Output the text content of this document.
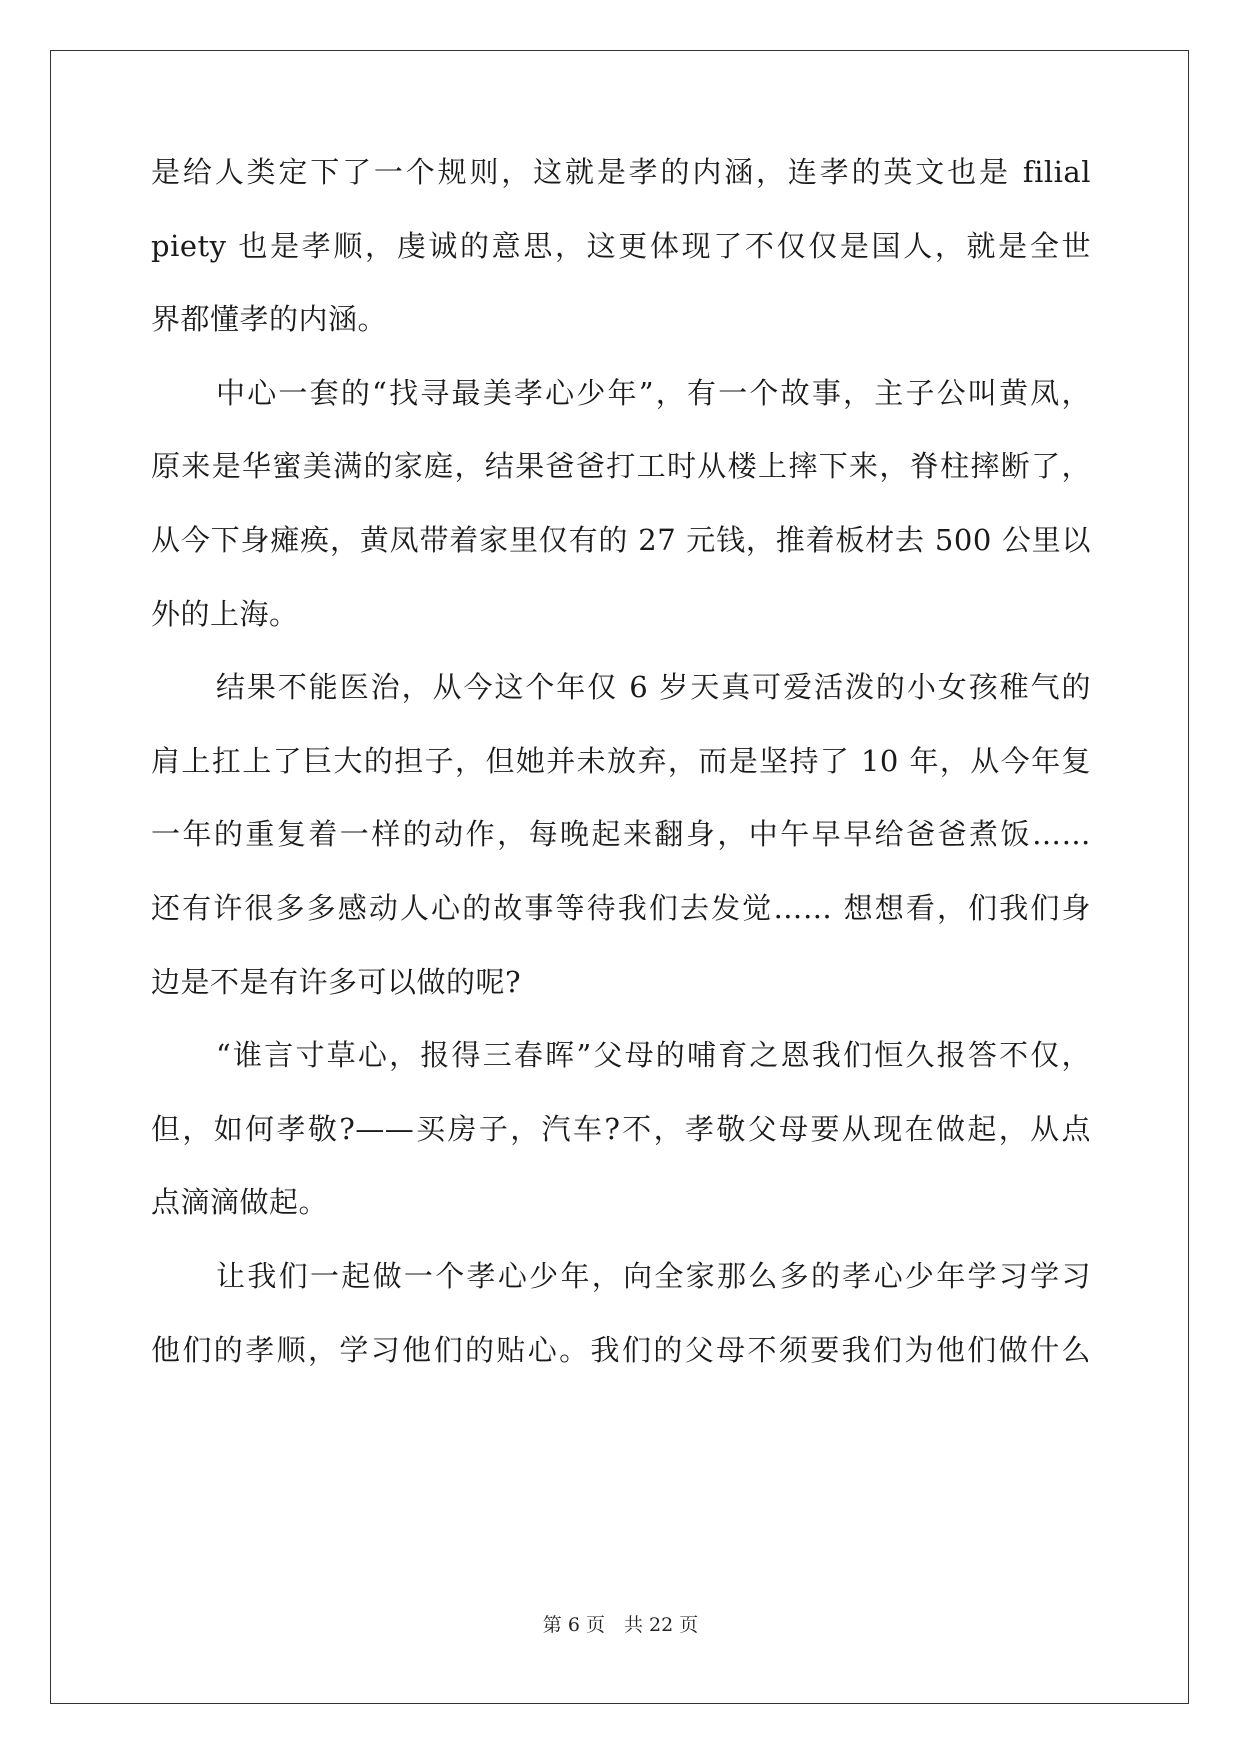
是给人类定下了一个规则，这就是孝的内涵，连孝的英文也是 filial
piety 也是孝顺，虔诚的意思，这更体现了不仅仅是国人，就是全世
界都懂孝的内涵。
中心一套的“找寻最美孝心少年”，有一个故事，主子公叫黄凤，
原来是华蜜美满的家庭，结果爸爸打工时从楼上摔下来，脊柱摔断了，
从今下身瘫痪，黄凤带着家里仅有的 27 元钱，推着板材去 500 公里以
外的上海。
结果不能医治，从今这个年仅 6 岁天真可爱活泼的小女孩稚气的
肩上扛上了巨大的担子，但她并未放弃，而是坚持了 10 年，从今年复
一年的重复着一样的动作，每晚起来翻身，中午早早给爸爸煮饭……
还有许很多多感动人心的故事等待我们去发觉…… 想想看，们我们身
边是不是有许多可以做的呢?
“谁言寸草心，报得三春晖”父母的哺育之恩我们恒久报答不仅，
但，如何孝敬?——买房子，汽车?不，孝敬父母要从现在做起，从点
点滴滴做起。
让我们一起做一个孝心少年，向全家那么多的孝心少年学习学习
他们的孝顺，学习他们的贴心。我们的父母不须要我们为他们做什么
第 6 页　共 22 页
